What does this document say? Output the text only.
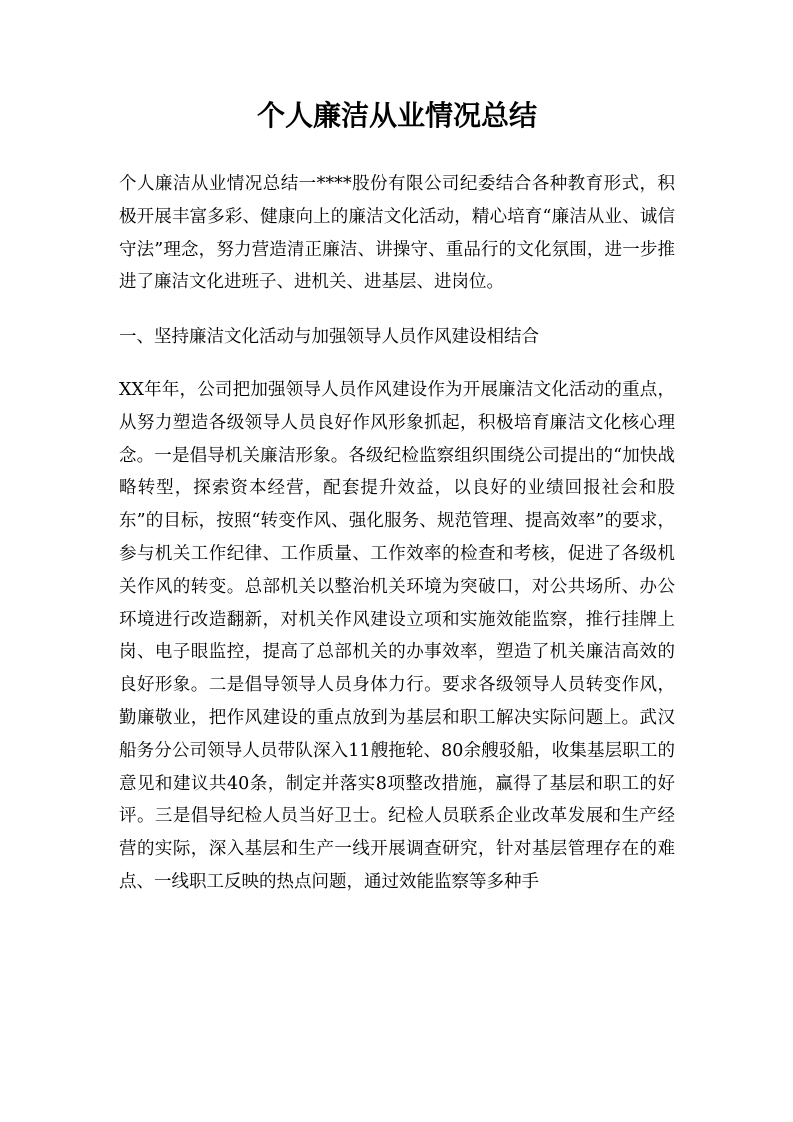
个人廉洁从业情况总结

个人廉洁从业情况总结一****股份有限公司纪委结合各种教育形式，积极开展丰富多彩、健康向上的廉洁文化活动，精心培育“廉洁从业、诚信守法”理念，努力营造清正廉洁、讲操守、重品行的文化氛围，进一步推进了廉洁文化进班子、进机关、进基层、进岗位。

一、坚持廉洁文化活动与加强领导人员作风建设相结合

XX年年，公司把加强领导人员作风建设作为开展廉洁文化活动的重点，从努力塑造各级领导人员良好作风形象抓起，积极培育廉洁文化核心理念。一是倡导机关廉洁形象。各级纪检监察组织围绕公司提出的“加快战略转型，探索资本经营，配套提升效益，以良好的业绩回报社会和股东”的目标，按照“转变作风、强化服务、规范管理、提高效率”的要求，参与机关工作纪律、工作质量、工作效率的检查和考核，促进了各级机关作风的转变。总部机关以整治机关环境为突破口，对公共场所、办公环境进行改造翻新，对机关作风建设立项和实施效能监察，推行挂牌上岗、电子眼监控，提高了总部机关的办事效率，塑造了机关廉洁高效的良好形象。二是倡导领导人员身体力行。要求各级领导人员转变作风，勤廉敬业，把作风建设的重点放到为基层和职工解决实际问题上。武汉船务分公司领导人员带队深入11艘拖轮、80余艘驳船，收集基层职工的意见和建议共40条，制定并落实8项整改措施，赢得了基层和职工的好评。三是倡导纪检人员当好卫士。纪检人员联系企业改革发展和生产经营的实际，深入基层和生产一线开展调查研究，针对基层管理存在的难点、一线职工反映的热点问题，通过效能监察等多种手
